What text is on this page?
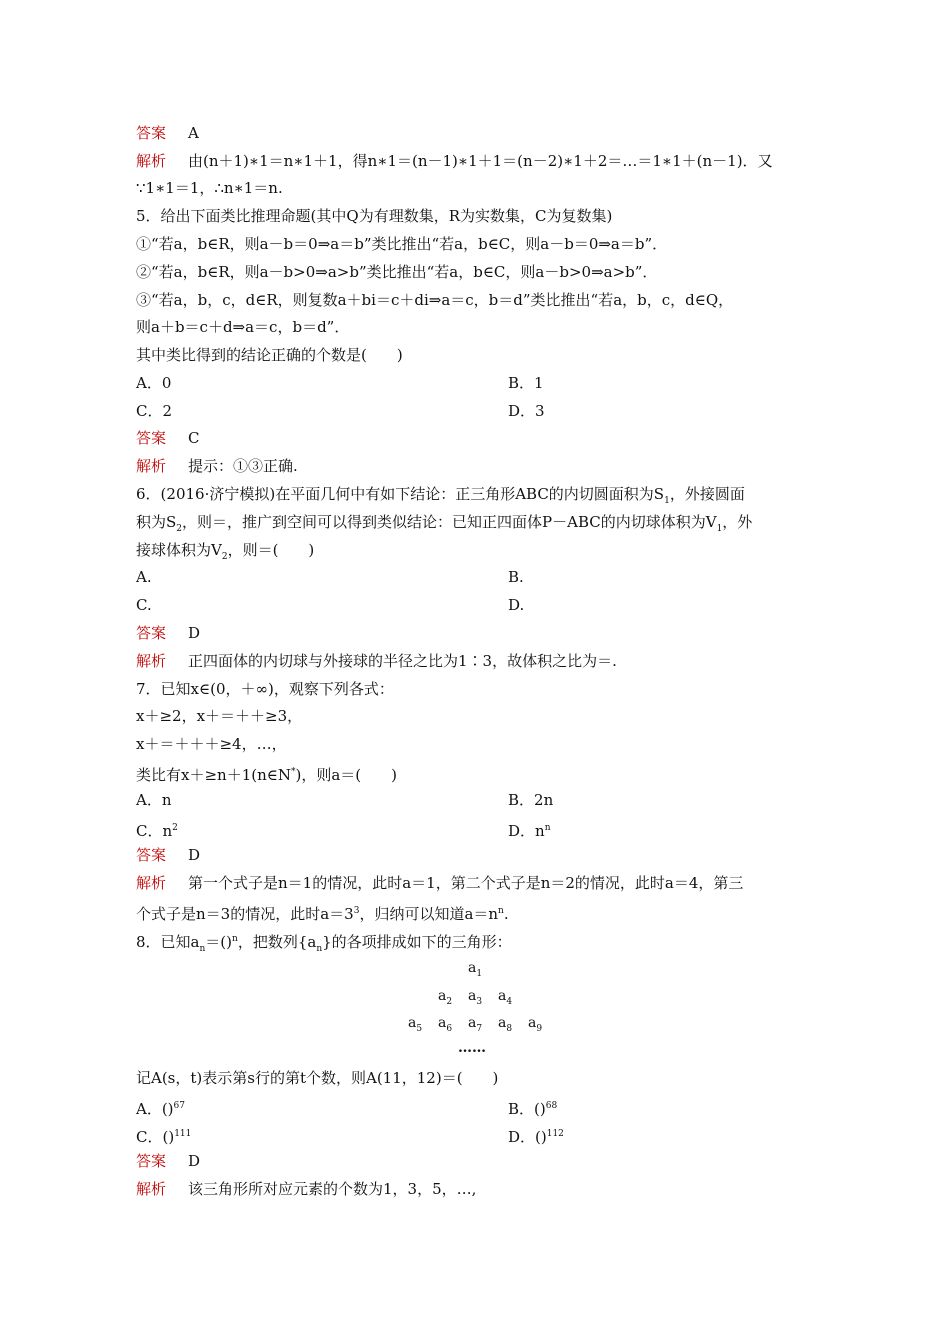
答案 A
解析 由(n＋1)∗1＝n∗1＋1，得n∗1＝(n－1)∗1＋1＝(n－2)∗1＋2＝…＝1∗1＋(n－1)．又
∵1∗1＝1，∴n∗1＝n.
5．给出下面类比推理命题(其中Q为有理数集，R为实数集，C为复数集)
①“若a，b∈R，则a－b＝0⇒a＝b”类比推出“若a，b∈C，则a－b＝0⇒a＝b”．
②“若a，b∈R，则a－b>0⇒a>b”类比推出“若a，b∈C，则a－b>0⇒a>b”．
③“若a，b，c，d∈R，则复数a＋bi＝c＋di⇒a＝c，b＝d”类比推出“若a，b，c，d∈Q，
则a＋b＝c＋d⇒a＝c，b＝d”．
其中类比得到的结论正确的个数是(　　)
A．0	B．1
C．2	D．3
答案 C
解析 提示：①③正确.
6．(2016·济宁模拟)在平面几何中有如下结论：正三角形ABC的内切圆面积为$S_1$，外接圆面
积为$S_2$，则＝，推广到空间可以得到类似结论：已知正四面体P－ABC的内切球体积为$V_1$，外
接球体积为$V_2$，则＝(　　)
A.	B.
C.	D.
答案 D
解析 正四面体的内切球与外接球的半径之比为1∶3，故体积之比为＝.
7．已知x∈(0，＋∞)，观察下列各式：
x＋≥2，x＋＝＋＋≥3，
x＋＝＋＋＋≥4，…，
类比有x＋≥n＋1(n∈N*)，则a＝(　　)
A．n	B．2n
C．$n^2$	D．$n^n$
答案 D
解析 第一个式子是n＝1的情况，此时a＝1，第二个式子是n＝2的情况，此时a＝4，第三
个式子是n＝3的情况，此时$a=3^3$，归纳可以知道$a=n^n$.
8．已知$a_n=()^n$，把数列$\{a_n\}$的各项排成如下的三角形：
$a_1$
$a_2$ $a_3$ $a_4$
$a_5$ $a_6$ $a_7$ $a_8$ $a_9$
……
记A(s，t)表示第s行的第t个数，则A(11，12)＝(　　)
A．()$^{67}$	B．()$^{68}$
C．()$^{111}$	D．()$^{112}$
答案 D
解析 该三角形所对应元素的个数为1，3，5，…,
